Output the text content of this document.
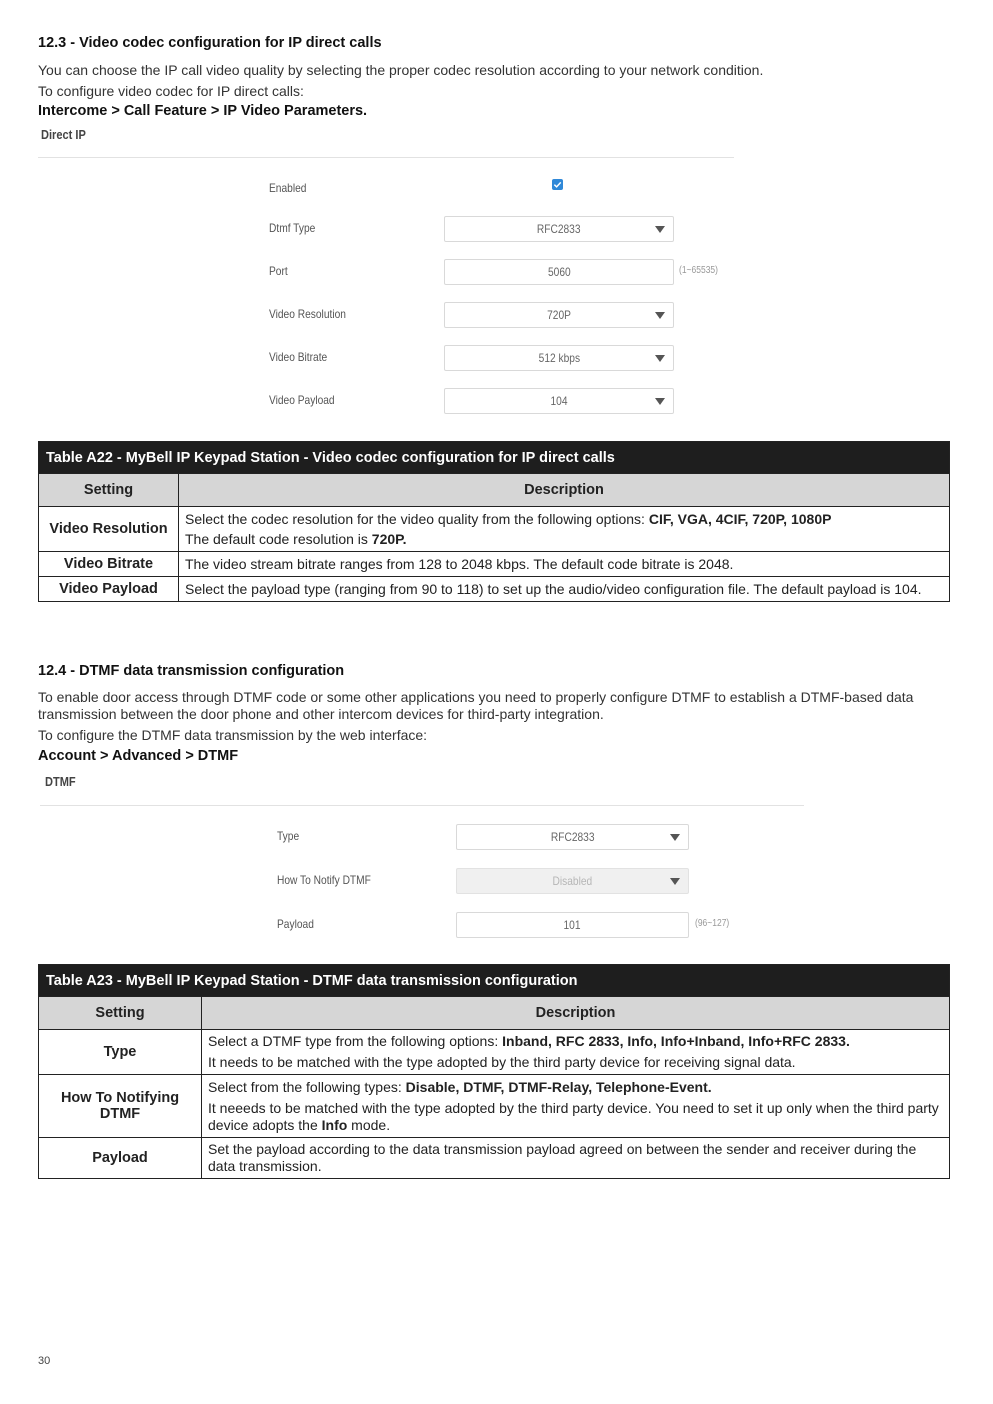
12.3 - Video codec configuration for IP direct calls
You can choose the IP call video quality by selecting the proper codec resolution according to your network condition.
To configure video codec for IP direct calls:
Intercome > Call Feature > IP Video Parameters.
Direct IP
Enabled
Dtmf Type	RFC2833
Port	5060	(1~65535)
Video Resolution	720P
Video Bitrate	512 kbps
Video Payload	104
Table A22 - MyBell IP Keypad Station - Video codec configuration for IP direct calls	
Setting	Description
Video Resolution	Select the codec resolution for the video quality from the following options: CIF, VGA, 4CIF, 720P, 1080P

The default code resolution is 720P.

Video Bitrate	The video stream bitrate ranges from 128 to 2048 kbps. The default code bitrate is 2048.
Video Payload	Select the payload type (ranging from 90 to 118) to set up the audio/video configuration file. The default payload is 104.
12.4 - DTMF data transmission configuration
To enable door access through DTMF code or some other applications you need to properly configure DTMF to establish a DTMF-based data transmission between the door phone and other intercom devices for third-party integration.
To configure the DTMF data transmission by the web interface:
Account > Advanced > DTMF
DTMF
Type	RFC2833
How To Notify DTMF	Disabled
Payload	101	(96~127)
Table A23 - MyBell IP Keypad Station - DTMF data transmission configuration	
Setting	Description
Type	Select a DTMF type from the following options: Inband, RFC 2833, Info, Info+Inband, Info+RFC 2833.

It needs to be matched with the type adopted by the third party device for receiving signal data.

How To Notifying DTMF	Select from the following types: Disable, DTMF, DTMF-Relay, Telephone-Event.

It neeeds to be matched with the type adopted by the third party device. You need to set it up only when the third party device adopts the Info mode.

Payload	Set the payload according to the data transmission payload agreed on between the sender and receiver during the data transmission.
30
